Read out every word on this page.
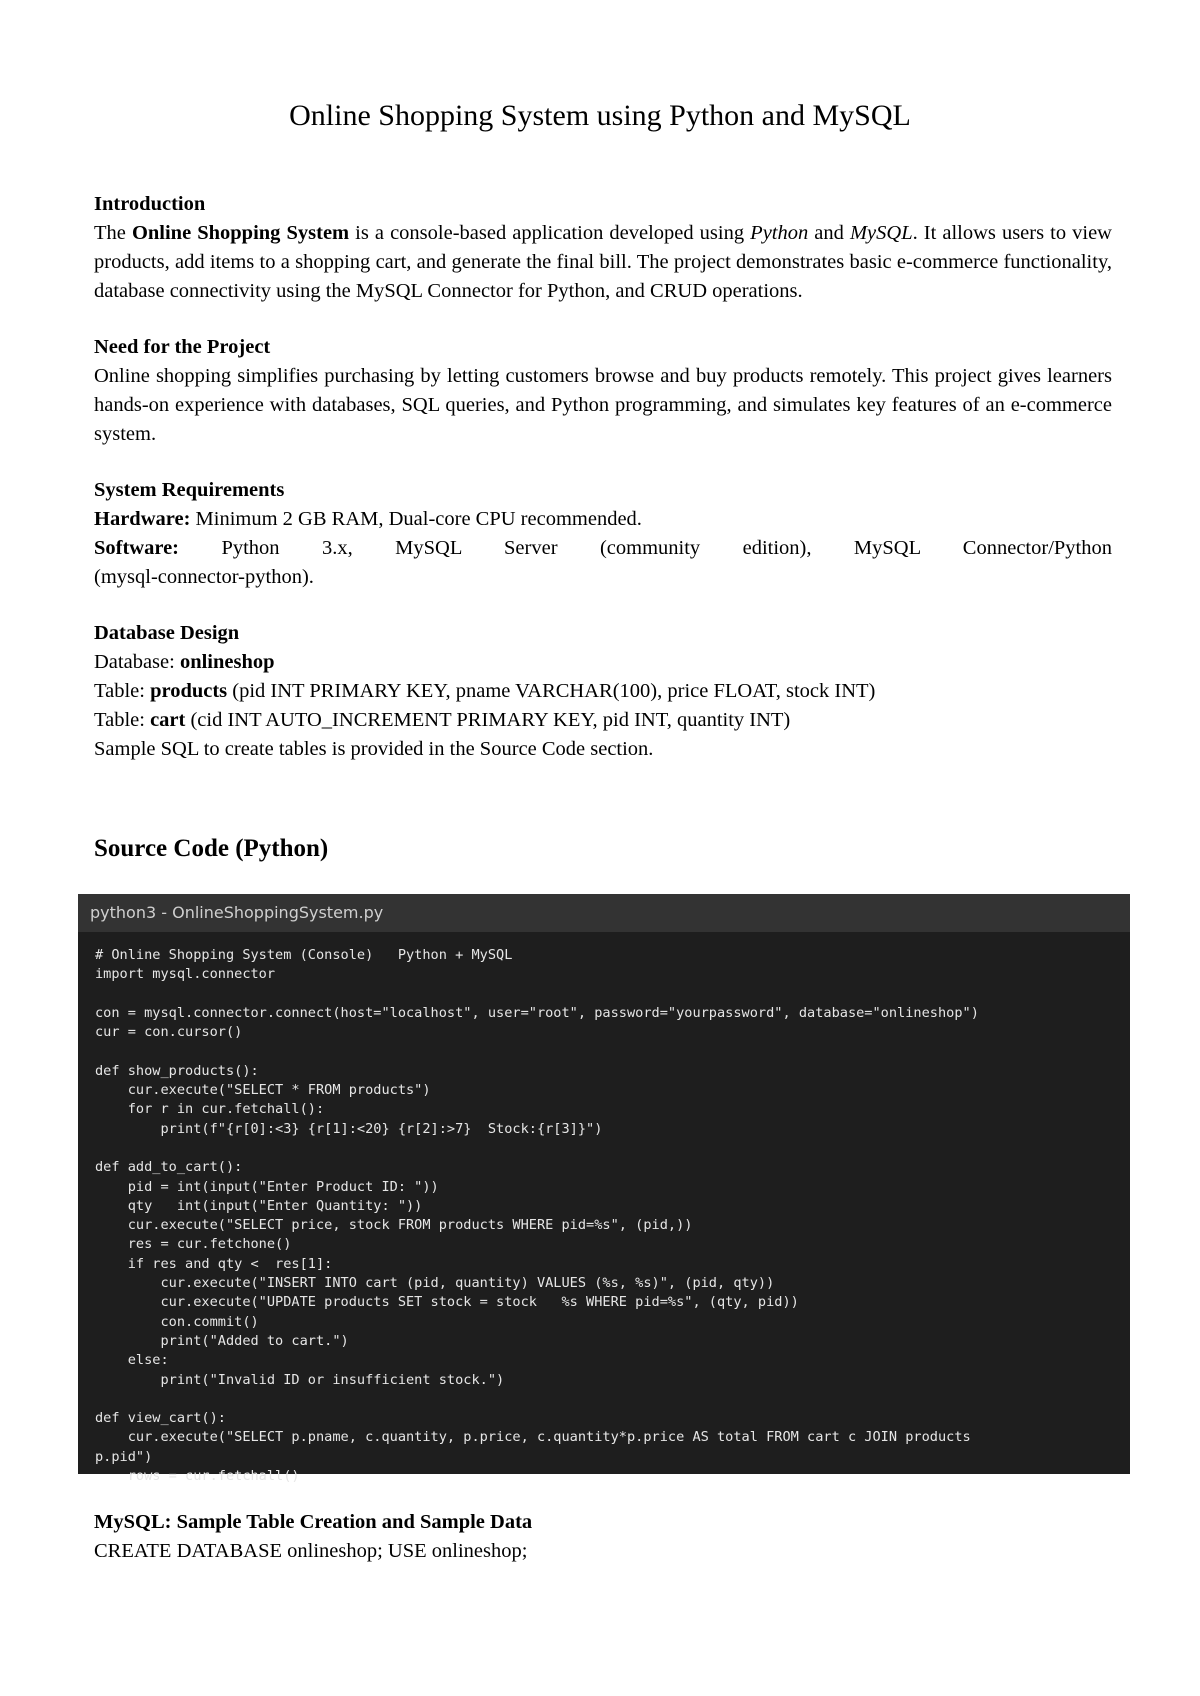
Online Shopping System using Python and MySQL

Introduction

The Online Shopping System is a console-based application developed using Python and MySQL. It allows users to view products, add items to a shopping cart, and generate the final bill. The project demonstrates basic e-commerce functionality, database connectivity using the MySQL Connector for Python, and CRUD operations.

Need for the Project

Online shopping simplifies purchasing by letting customers browse and buy products remotely. This project gives learners hands-on experience with databases, SQL queries, and Python programming, and simulates key features of an e-commerce system.

System Requirements

Hardware: Minimum 2 GB RAM, Dual-core CPU recommended.

Software:  Python  3.x,  MySQL  Server  (community  edition),  MySQL  Connector/Python

(mysql-connector-python).

Database Design

Database: onlineshop

Table: products (pid INT PRIMARY KEY, pname VARCHAR(100), price FLOAT, stock INT)

Table: cart (cid INT AUTO_INCREMENT PRIMARY KEY, pid INT, quantity INT)

Sample SQL to create tables is provided in the Source Code section.

Source Code (Python)
python3 - OnlineShoppingSystem.py
# Online Shopping System (Console)   Python + MySQL
import mysql.connector
con = mysql.connector.connect(host="localhost", user="root", password="yourpassword", database="onlineshop")
cur = con.cursor()
def show_products():
cur.execute("SELECT * FROM products")
for r in cur.fetchall():
print(f"{r[0]:<3} {r[1]:<20} {r[2]:>7}  Stock:{r[3]}")
def add_to_cart():
pid = int(input("Enter Product ID: "))
qty   int(input("Enter Quantity: "))
cur.execute("SELECT price, stock FROM products WHERE pid=%s", (pid,))
res = cur.fetchone()
if res and qty <  res[1]:
cur.execute("INSERT INTO cart (pid, quantity) VALUES (%s, %s)", (pid, qty))
cur.execute("UPDATE products SET stock = stock   %s WHERE pid=%s", (qty, pid))
con.commit()
print("Added to cart.")
else:
print("Invalid ID or insufficient stock.")
def view_cart():
cur.execute("SELECT p.pname, c.quantity, p.price, c.quantity*p.price AS total FROM cart c JOIN products
p.pid")
rows = cur.fetchall()

MySQL: Sample Table Creation and Sample Data

CREATE DATABASE onlineshop; USE onlineshop;
